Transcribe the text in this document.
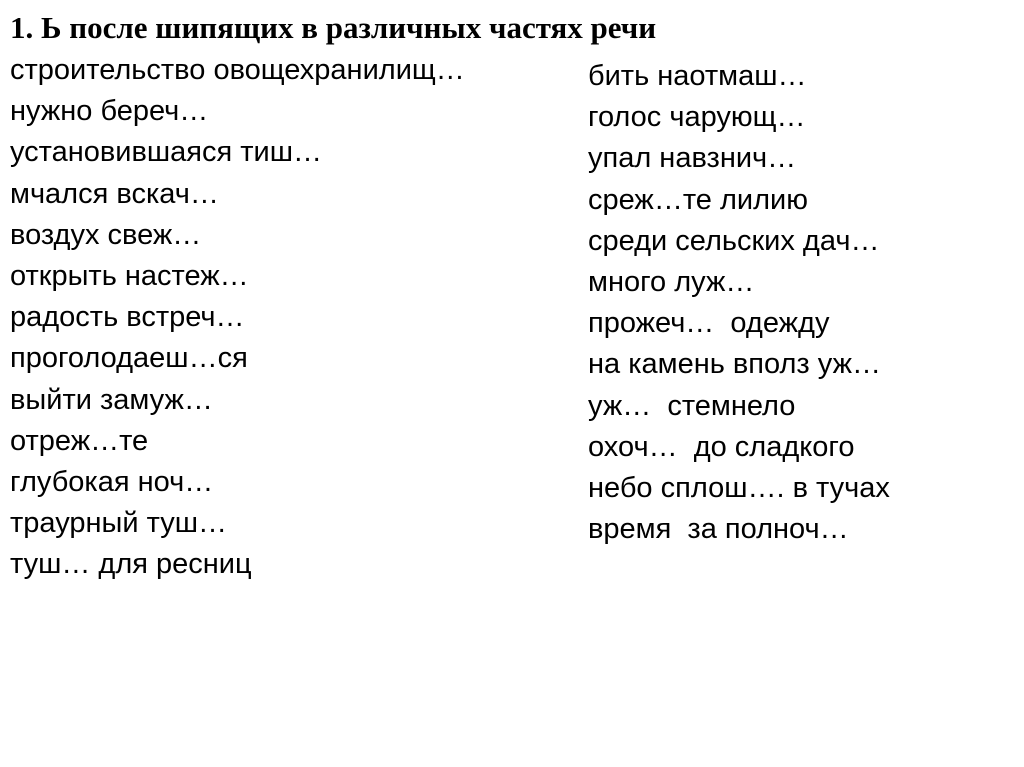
1. Ь после шипящих в различных частях речи
строительство овощехранилищ…
нужно береч…
установившаяся тиш…
мчался вскач…
воздух свеж…
открыть настеж…
радость встреч…
проголодаеш…ся
выйти замуж…
отреж…те
глубокая ноч…
траурный туш…
туш… для ресниц
бить наотмаш…
голос чарующ…
упал навзнич…
среж…те лилию
среди сельских дач…
много луж…
прожеч…  одежду
на камень вполз уж…
уж…  стемнело
охоч…  до сладкого
небо сплош…. в тучах
время  за полноч…
